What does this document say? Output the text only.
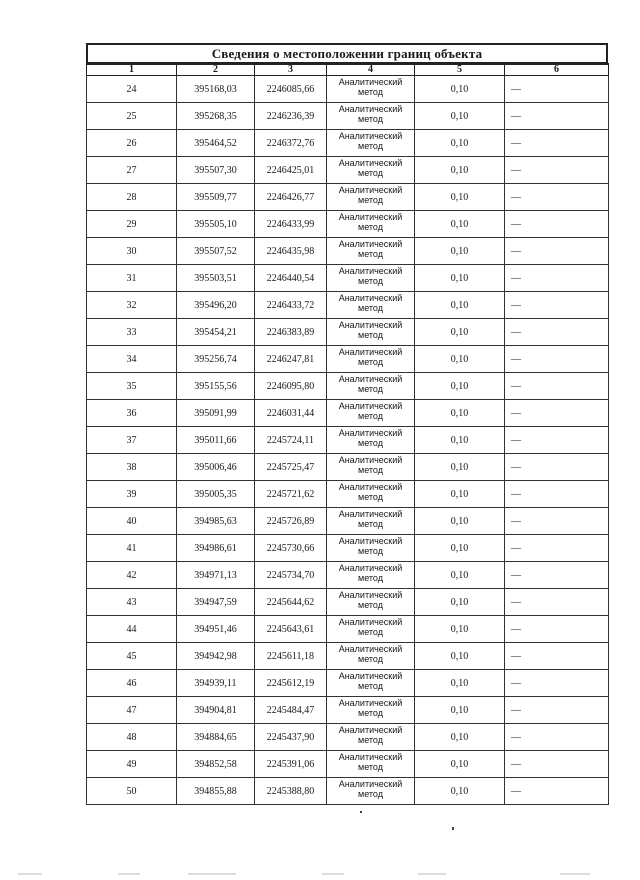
Сведения о местоположении границ объекта
1	2	3	4	5	6
24	395168,03	2246085,66	Аналитический метод	0,10	—
25	395268,35	2246236,39	Аналитический метод	0,10	—
26	395464,52	2246372,76	Аналитический метод	0,10	—
27	395507,30	2246425,01	Аналитический метод	0,10	—
28	395509,77	2246426,77	Аналитический метод	0,10	—
29	395505,10	2246433,99	Аналитический метод	0,10	—
30	395507,52	2246435,98	Аналитический метод	0,10	—
31	395503,51	2246440,54	Аналитический метод	0,10	—
32	395496,20	2246433,72	Аналитический метод	0,10	—
33	395454,21	2246383,89	Аналитический метод	0,10	—
34	395256,74	2246247,81	Аналитический метод	0,10	—
35	395155,56	2246095,80	Аналитический метод	0,10	—
36	395091,99	2246031,44	Аналитический метод	0,10	—
37	395011,66	2245724,11	Аналитический метод	0,10	—
38	395006,46	2245725,47	Аналитический метод	0,10	—
39	395005,35	2245721,62	Аналитический метод	0,10	—
40	394985,63	2245726,89	Аналитический метод	0,10	—
41	394986,61	2245730,66	Аналитический метод	0,10	—
42	394971,13	2245734,70	Аналитический метод	0,10	—
43	394947,59	2245644,62	Аналитический метод	0,10	—
44	394951,46	2245643,61	Аналитический метод	0,10	—
45	394942,98	2245611,18	Аналитический метод	0,10	—
46	394939,11	2245612,19	Аналитический метод	0,10	—
47	394904,81	2245484,47	Аналитический метод	0,10	—
48	394884,65	2245437,90	Аналитический метод	0,10	—
49	394852,58	2245391,06	Аналитический метод	0,10	—
50	394855,88	2245388,80	Аналитический метод	0,10	—
